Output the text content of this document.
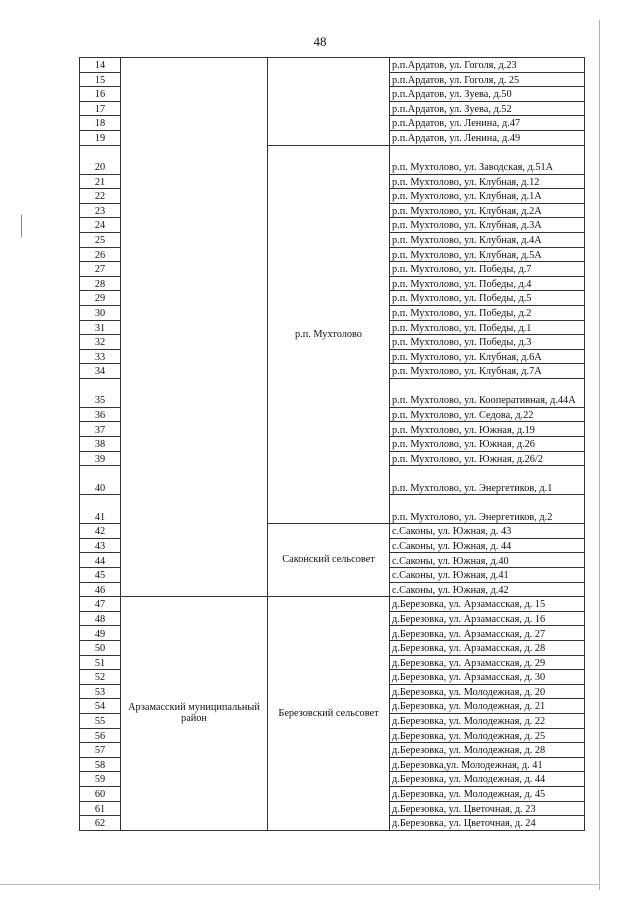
48
14			р.п.Ардатов, ул. Гоголя, д.23
15			р.п.Ардатов, ул. Гоголя, д. 25
16			р.п.Ардатов, ул. Зуева, д.50
17			р.п.Ардатов, ул. Зуева, д.52
18			р.п.Ардатов, ул. Ленина, д.47
19			р.п.Ардатов, ул. Ленина, д.49
20		р.п. Мухтолово	р.п. Мухтолово, ул. Заводская, д.51А
21			р.п. Мухтолово, ул. Клубная, д.12
22			р.п. Мухтолово, ул. Клубная, д.1А
23			р.п. Мухтолово, ул. Клубная, д.2А
24			р.п. Мухтолово, ул. Клубная, д.3А
25			р.п. Мухтолово, ул. Клубная, д.4А
26			р.п. Мухтолово, ул. Клубная, д.5А
27			р.п. Мухтолово, ул. Победы, д.7
28			р.п. Мухтолово, ул. Победы, д.4
29			р.п. Мухтолово, ул. Победы, д.5
30			р.п. Мухтолово, ул. Победы, д.2
31			р.п. Мухтолово, ул. Победы, д.1
32			р.п. Мухтолово, ул. Победы, д.3
33			р.п. Мухтолово, ул. Клубная, д.6А
34			р.п. Мухтолово, ул. Клубная, д.7А
35			р.п. Мухтолово, ул. Кооперативная, д.44А
36			р.п. Мухтолово, ул. Седова, д.22
37			р.п. Мухтолово, ул. Южная, д.19
38			р.п. Мухтолово, ул. Южная, д.26
39			р.п. Мухтолово, ул. Южная, д.26/2
40			р.п. Мухтолово, ул. Энергетиков, д.1
41			р.п. Мухтолово, ул. Энергетиков, д.2
42		Саконский сельсовет	с.Саконы, ул. Южная, д. 43
43			с.Саконы, ул. Южная, д. 44
44			с.Саконы, ул. Южная, д.40
45			с.Саконы, ул. Южная, д.41
46			с.Саконы, ул. Южная, д.42
47	Арзамасский муниципальный район	Березовский сельсовет	д.Березовка, ул. Арзамасская, д. 15
48			д.Березовка, ул. Арзамасская, д. 16
49			д.Березовка, ул. Арзамасская, д. 27
50			д.Березовка, ул. Арзамасская, д. 28
51			д.Березовка, ул. Арзамасская, д. 29
52			д.Березовка, ул. Арзамасская, д. 30
53			д.Березовка, ул. Молодежная, д. 20
54			д.Березовка, ул. Молодежная, д. 21
55			д.Березовка, ул. Молодежная, д. 22
56			д.Березовка, ул. Молодежная, д. 25
57			д.Березовка, ул. Молодежная, д. 28
58			д.Березовка,ул. Молодежная, д. 41
59			д.Березовка, ул. Молодежная, д. 44
60			д.Березовка, ул. Молодежная, д. 45
61			д.Березовка, ул. Цветочная, д. 23
62			д.Березовка, ул. Цветочная, д. 24
